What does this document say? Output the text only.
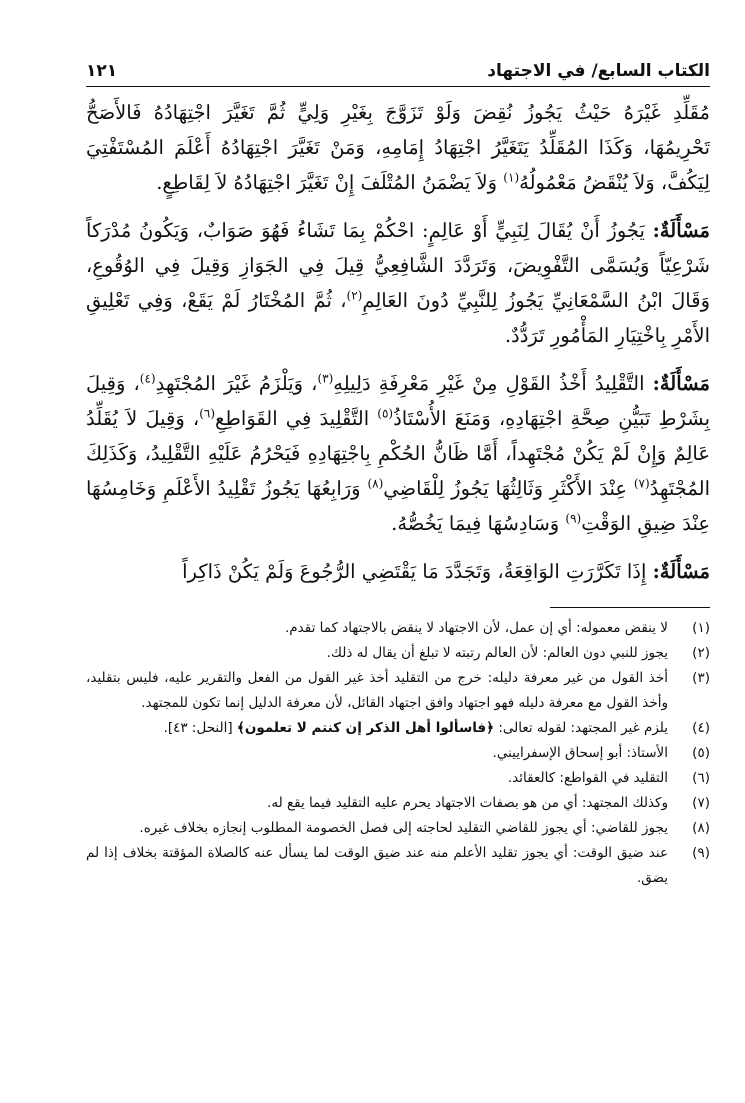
الكتاب السابع/ في الاجتهاد
١٢١

مُقَلِّدِ غَيْرَهُ حَيْثُ يَجُوزُ نُقِضَ وَلَوْ تَزَوَّجَ بِغَيْرِ وَلِيٍّ ثُمَّ تَغَيَّرَ اجْتِهَادُهُ فَالأَصَحُّ تَحْرِيمُهَا، وَكَذَا المُقَلِّدُ يَتَغَيَّرُ اجْتِهَادُ إِمَامِهِ، وَمَنْ تَغَيَّرَ اجْتِهَادُهُ أَعْلَمَ المُسْتَفْتِيَ لِيَكُفَّ، وَلاَ يُنْقَضُ مَعْمُولُهُ$^{(١)}$ وَلاَ يَضْمَنُ المُتْلَفَ إِنْ تَغَيَّرَ اجْتِهَادُهُ لاَ لِقَاطِعٍ.

مَسْأَلَةٌ: يَجُوزُ أَنْ يُقَالَ لِنَبِيٍّ أَوْ عَالِمٍ: احْكُمْ بِمَا تَشَاءُ فَهُوَ صَوَابٌ، وَيَكُونُ مُدْرَكاً شَرْعِيّاً وَيُسَمَّى التَّفْوِيضَ، وَتَرَدَّدَ الشَّافِعِيُّ قِيلَ فِي الجَوَازِ وَقِيلَ فِي الوُقُوعِ، وَقَالَ ابْنُ السَّمْعَانِيِّ يَجُوزُ لِلنَّبِيِّ دُونَ العَالِمِ$^{(٢)}$، ثُمَّ المُخْتَارُ لَمْ يَقَعْ، وَفِي تَعْلِيقِ الأَمْرِ بِاخْتِيَارِ المَأْمُورِ تَرَدُّدٌ.

مَسْأَلَةٌ: التَّقْلِيدُ أَخْذُ القَوْلِ مِنْ غَيْرِ مَعْرِفَةِ دَلِيلِهِ$^{(٣)}$، وَيَلْزَمُ غَيْرَ المُجْتَهِدِ$^{(٤)}$، وَقِيلَ بِشَرْطِ تَبَيُّنِ صِحَّةِ اجْتِهَادِهِ، وَمَنَعَ الأُسْتَاذُ$^{(٥)}$ التَّقْلِيدَ فِي القَوَاطِعِ$^{(٦)}$، وَقِيلَ لاَ يُقَلِّدُ عَالِمٌ وَإِنْ لَمْ يَكُنْ مُجْتَهِداً، أَمَّا ظَانُّ الحُكْمِ بِاجْتِهَادِهِ فَيَحْرُمُ عَلَيْهِ التَّقْلِيدُ، وَكَذَلِكَ المُجْتَهِدُ$^{(٧)}$ عِنْدَ الأَكْثَرِ وَثَالِثُهَا يَجُوزُ لِلْقَاضِي$^{(٨)}$ وَرَابِعُهَا يَجُوزُ تَقْلِيدُ الأَعْلَمِ وَخَامِسُهَا عِنْدَ ضِيقِ الوَقْتِ$^{(٩)}$ وَسَادِسُهَا فِيمَا يَخُصُّهُ.

مَسْأَلَةٌ: إِذَا تَكَرَّرَتِ الوَاقِعَةُ، وَتَجَدَّدَ مَا يَقْتَضِي الرُّجُوعَ وَلَمْ يَكُنْ ذَاكِراً

(١)
لا ينقض معموله: أي إن عمل، لأن الاجتهاد لا ينقض بالاجتهاد كما تقدم.
(٢)
يجوز للنبي دون العالم: لأن العالم رتبته لا تبلغ أن يقال له ذلك.
(٣)
أخذ القول من غير معرفة دليله: خرج من التقليد أخذ غير القول من الفعل والتقرير عليه، فليس بتقليد، وأخذ القول مع معرفة دليله فهو اجتهاد وافق اجتهاد القائل، لأن معرفة الدليل إنما تكون للمجتهد.
(٤)
يلزم غير المجتهد: لقوله تعالى: ﴿فاسألوا أهل الذكر إن كنتم لا تعلمون﴾ [النحل: ٤٣].
(٥)
الأستاذ: أبو إسحاق الإسفراييني.
(٦)
التقليد في القواطع: كالعقائد.
(٧)
وكذلك المجتهد: أي من هو بصفات الاجتهاد يحرم عليه التقليد فيما يقع له.
(٨)
يجوز للقاضي: أي يجوز للقاضي التقليد لحاجته إلى فصل الخصومة المطلوب إنجازه بخلاف غيره.
(٩)
عند ضيق الوقت: أي يجوز تقليد الأعلم منه عند ضيق الوقت لما يسأل عنه كالصلاة المؤقتة بخلاف إذا لم يضق.
